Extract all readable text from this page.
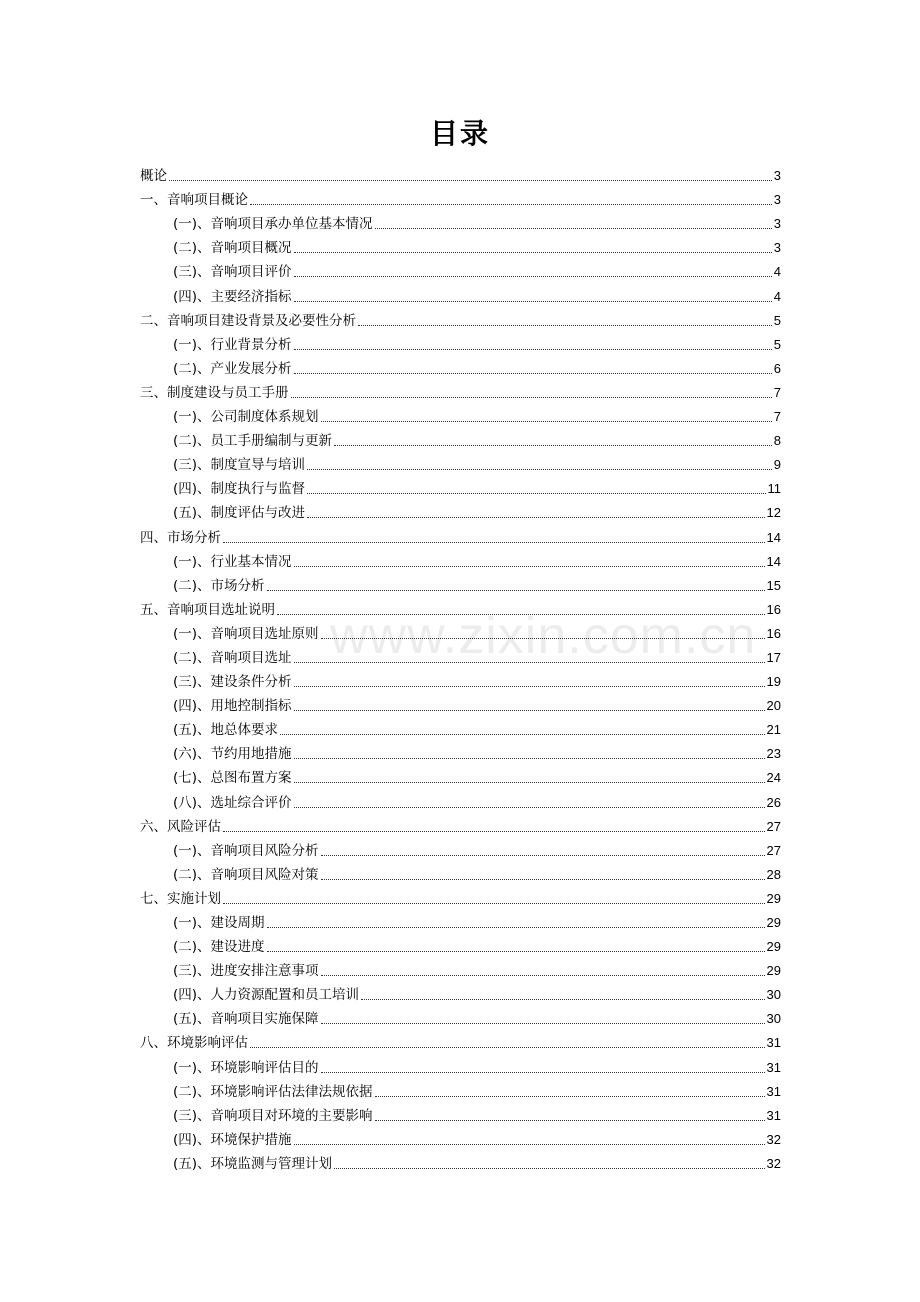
目录
概论	3
一、音响项目概论	3
(一)、音响项目承办单位基本情况	3
(二)、音响项目概况	3
(三)、音响项目评价	4
(四)、主要经济指标	4
二、音响项目建设背景及必要性分析	5
(一)、行业背景分析	5
(二)、产业发展分析	6
三、制度建设与员工手册	7
(一)、公司制度体系规划	7
(二)、员工手册编制与更新	8
(三)、制度宣导与培训	9
(四)、制度执行与监督	11
(五)、制度评估与改进	12
四、市场分析	14
(一)、行业基本情况	14
(二)、市场分析	15
五、音响项目选址说明	16
(一)、音响项目选址原则	16
(二)、音响项目选址	17
(三)、建设条件分析	19
(四)、用地控制指标	20
(五)、地总体要求	21
(六)、节约用地措施	23
(七)、总图布置方案	24
(八)、选址综合评价	26
六、风险评估	27
(一)、音响项目风险分析	27
(二)、音响项目风险对策	28
七、实施计划	29
(一)、建设周期	29
(二)、建设进度	29
(三)、进度安排注意事项	29
(四)、人力资源配置和员工培训	30
(五)、音响项目实施保障	30
八、环境影响评估	31
(一)、环境影响评估目的	31
(二)、环境影响评估法律法规依据	31
(三)、音响项目对环境的主要影响	31
(四)、环境保护措施	32
(五)、环境监测与管理计划	32
www.zixin.com.cn
